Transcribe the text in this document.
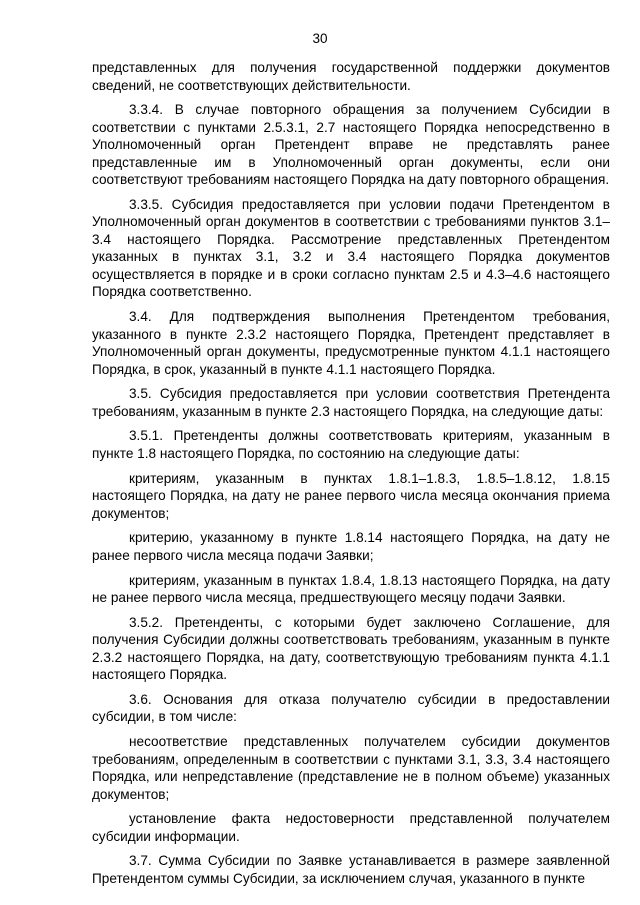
30

представленных для получения государственной поддержки документов сведений, не соответствующих действительности.

3.3.4. В случае повторного обращения за получением Субсидии в соответствии с пунктами 2.5.3.1, 2.7 настоящего Порядка непосредственно в Уполномоченный орган Претендент вправе не представлять ранее представленные им в Уполномоченный орган документы, если они соответствуют требованиям настоящего Порядка на дату повторного обращения.

3.3.5. Субсидия предоставляется при условии подачи Претендентом в Уполномоченный орган документов в соответствии с требованиями пунктов 3.1–3.4 настоящего Порядка. Рассмотрение представленных Претендентом указанных в пунктах 3.1, 3.2 и 3.4 настоящего Порядка документов осуществляется в порядке и в сроки согласно пунктам 2.5 и 4.3–4.6 настоящего Порядка соответственно.

3.4. Для подтверждения выполнения Претендентом требования, указанного в пункте 2.3.2 настоящего Порядка, Претендент представляет в Уполномоченный орган документы, предусмотренные пунктом 4.1.1 настоящего Порядка, в срок, указанный в пункте 4.1.1 настоящего Порядка.

3.5. Субсидия предоставляется при условии соответствия Претендента требованиям, указанным в пункте 2.3 настоящего Порядка, на следующие даты:

3.5.1. Претенденты должны соответствовать критериям, указанным в пункте 1.8 настоящего Порядка, по состоянию на следующие даты:

критериям, указанным в пунктах 1.8.1–1.8.3, 1.8.5–1.8.12, 1.8.15 настоящего Порядка, на дату не ранее первого числа месяца окончания приема документов;

критерию, указанному в пункте 1.8.14 настоящего Порядка, на дату не ранее первого числа месяца подачи Заявки;

критериям, указанным в пунктах 1.8.4, 1.8.13 настоящего Порядка, на дату не ранее первого числа месяца, предшествующего месяцу подачи Заявки.

3.5.2. Претенденты, с которыми будет заключено Соглашение, для получения Субсидии должны соответствовать требованиям, указанным в пункте 2.3.2 настоящего Порядка, на дату, соответствующую требованиям пункта 4.1.1 настоящего Порядка.

3.6. Основания для отказа получателю субсидии в предоставлении субсидии, в том числе:

несоответствие представленных получателем субсидии документов требованиям, определенным в соответствии с пунктами 3.1, 3.3, 3.4 настоящего Порядка, или непредставление (представление не в полном объеме) указанных документов;

установление факта недостоверности представленной получателем субсидии информации.

3.7. Сумма Субсидии по Заявке устанавливается в размере заявленной Претендентом суммы Субсидии, за исключением случая, указанного в пункте
